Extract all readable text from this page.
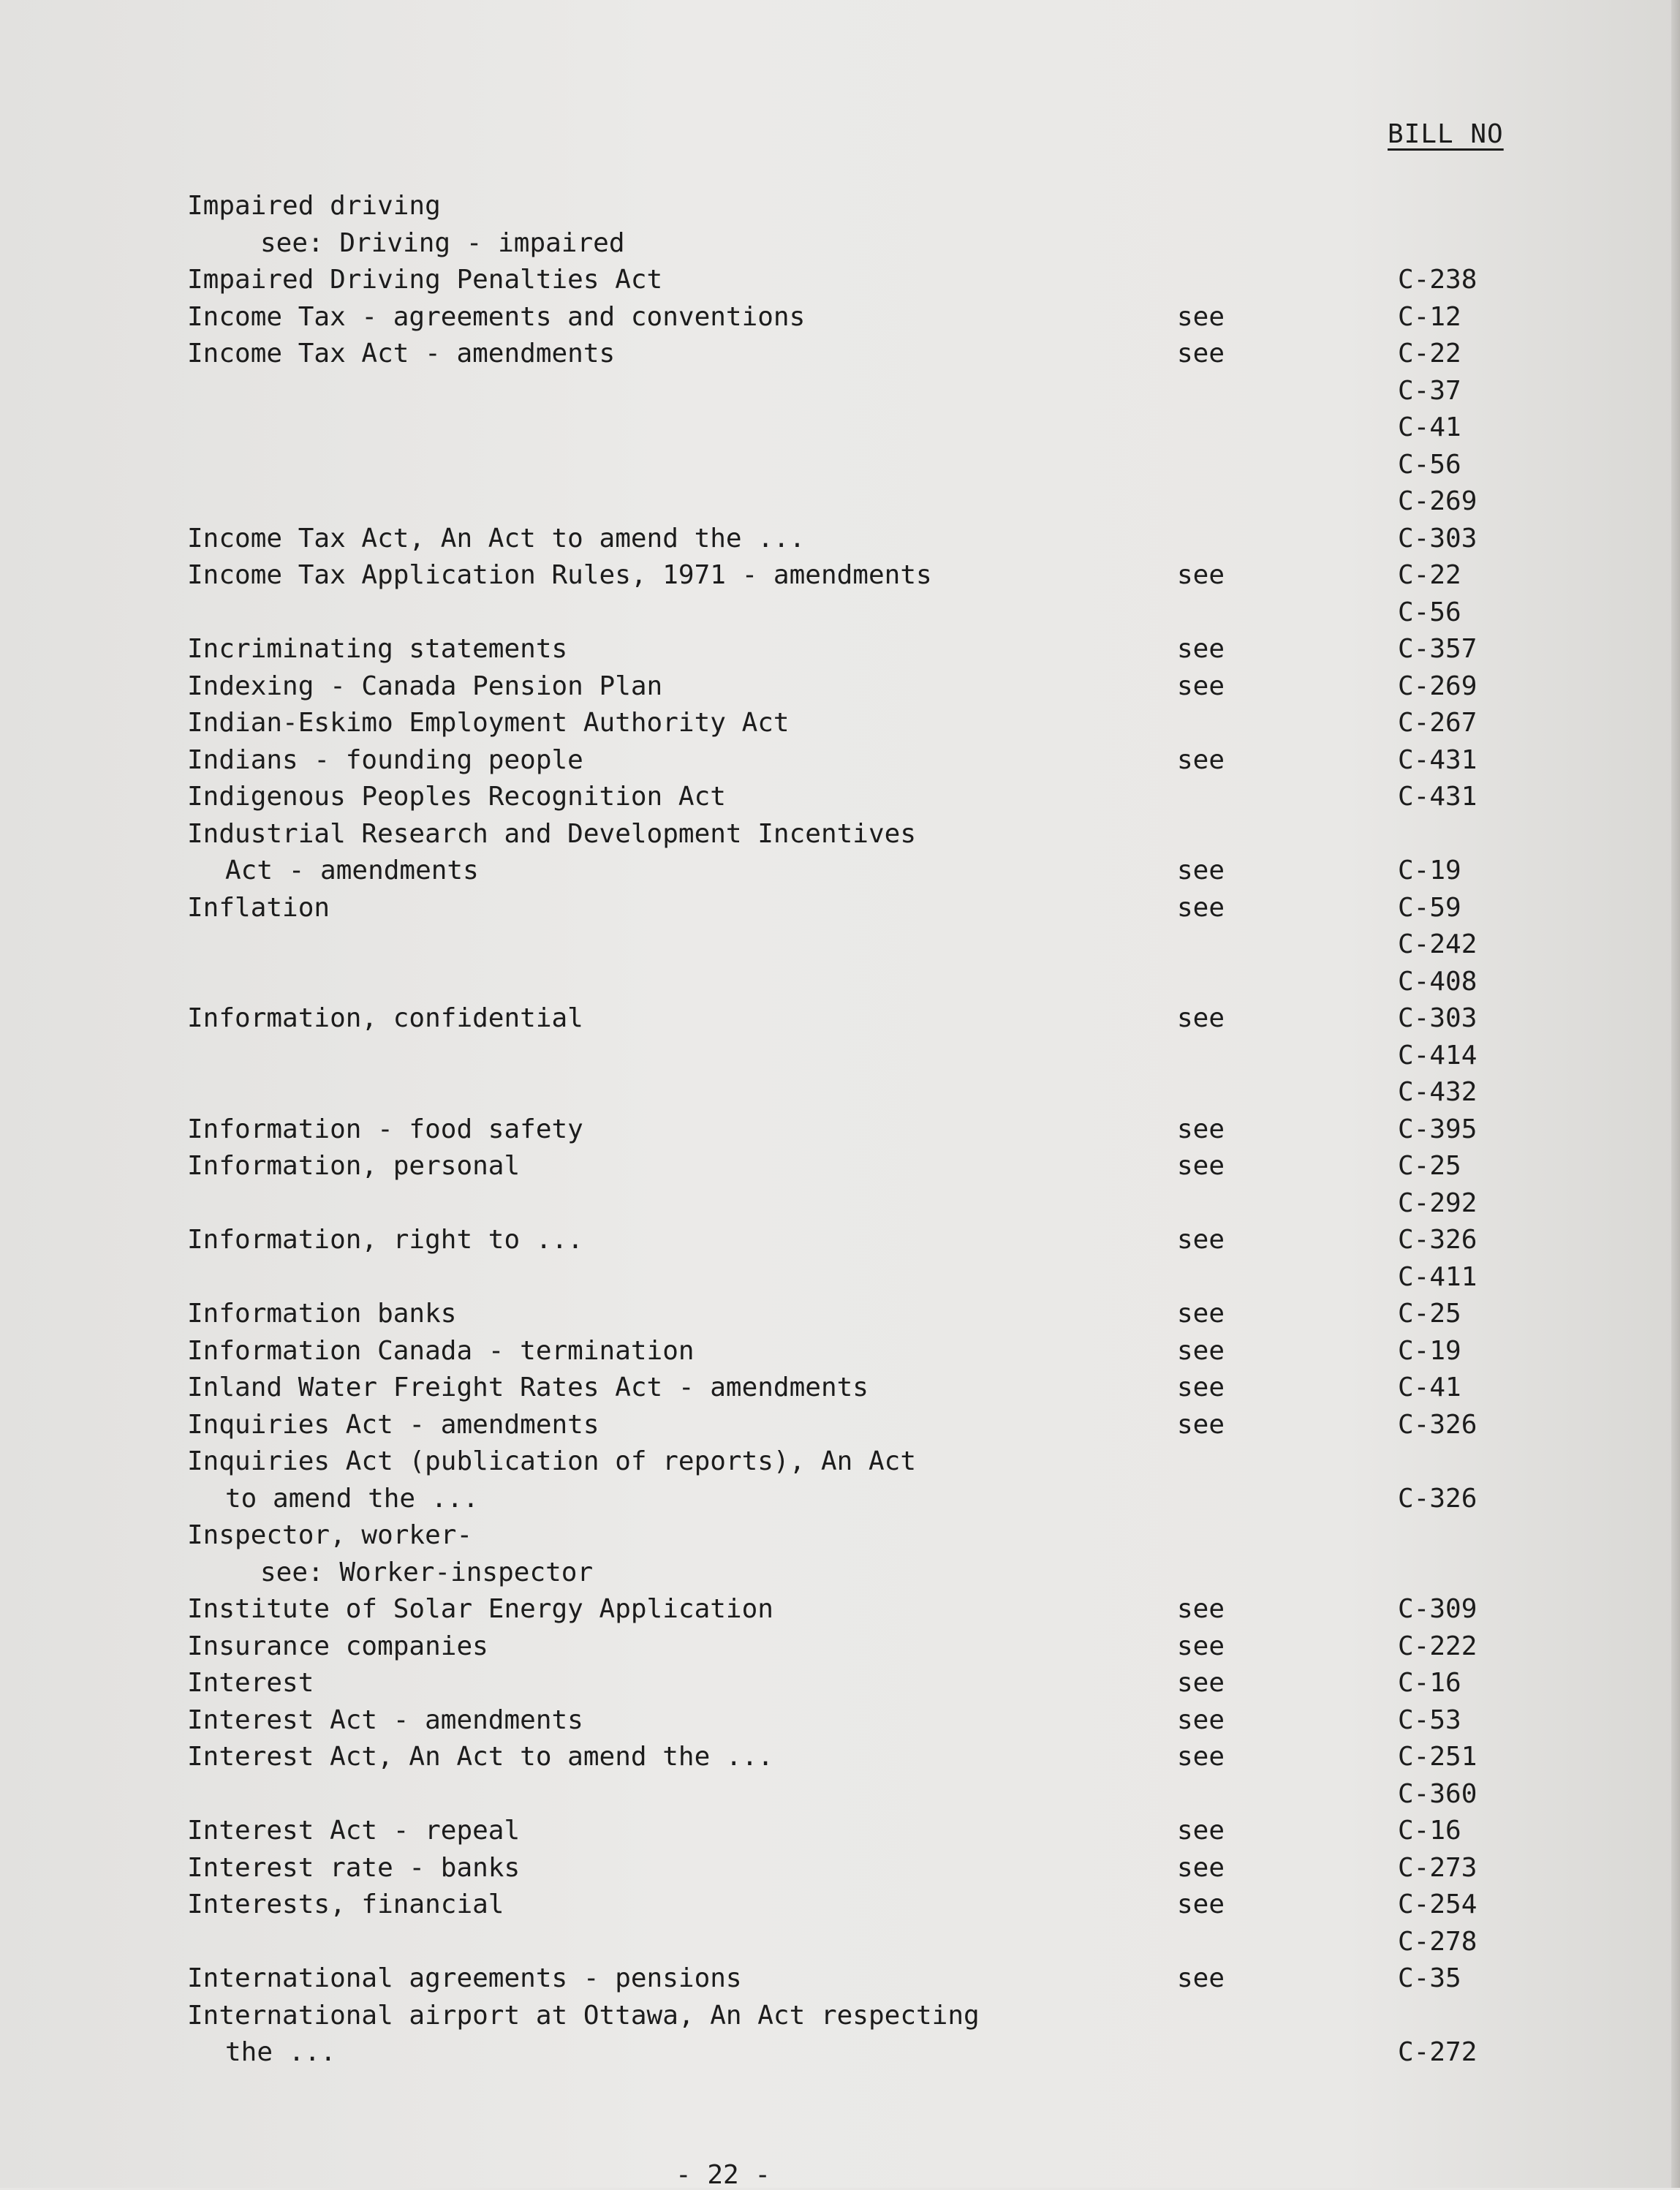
BILL NO
Impaired driving
see: Driving - impaired
Impaired Driving Penalties Act	C-238
Income Tax - agreements and conventions	see	C-12
Income Tax Act - amendments	see	C-22
C-37
C-41
C-56
C-269
Income Tax Act, An Act to amend the ...	C-303
Income Tax Application Rules, 1971 - amendments	see	C-22
C-56
Incriminating statements	see	C-357
Indexing - Canada Pension Plan	see	C-269
Indian-Eskimo Employment Authority Act	C-267
Indians - founding people	see	C-431
Indigenous Peoples Recognition Act	C-431
Industrial Research and Development Incentives
Act - amendments	see	C-19
Inflation	see	C-59
C-242
C-408
Information, confidential	see	C-303
C-414
C-432
Information - food safety	see	C-395
Information, personal	see	C-25
C-292
Information, right to ...	see	C-326
C-411
Information banks	see	C-25
Information Canada - termination	see	C-19
Inland Water Freight Rates Act - amendments	see	C-41
Inquiries Act - amendments	see	C-326
Inquiries Act (publication of reports), An Act
to amend the ...	C-326
Inspector, worker-
see: Worker-inspector
Institute of Solar Energy Application	see	C-309
Insurance companies	see	C-222
Interest	see	C-16
Interest Act - amendments	see	C-53
Interest Act, An Act to amend the ...	see	C-251
C-360
Interest Act - repeal	see	C-16
Interest rate - banks	see	C-273
Interests, financial	see	C-254
C-278
International agreements - pensions	see	C-35
International airport at Ottawa, An Act respecting
the ...	C-272
- 22 -
